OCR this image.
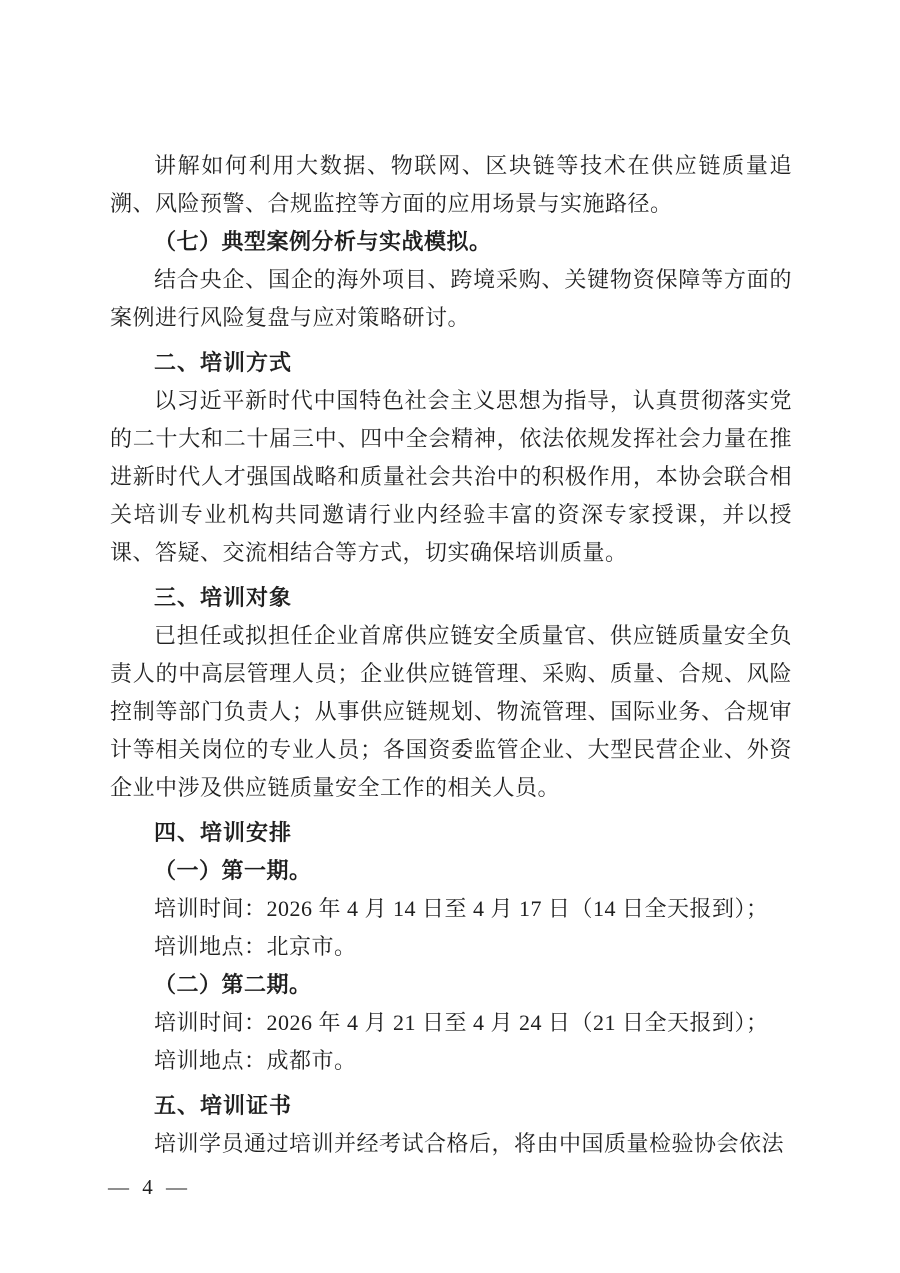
讲解如何利用大数据、物联网、区块链等技术在供应链质量追溯、风险预警、合规监控等方面的应用场景与实施路径。

（七）典型案例分析与实战模拟。

结合央企、国企的海外项目、跨境采购、关键物资保障等方面的案例进行风险复盘与应对策略研讨。

二、培训方式

以习近平新时代中国特色社会主义思想为指导，认真贯彻落实党的二十大和二十届三中、四中全会精神，依法依规发挥社会力量在推进新时代人才强国战略和质量社会共治中的积极作用，本协会联合相关培训专业机构共同邀请行业内经验丰富的资深专家授课，并以授课、答疑、交流相结合等方式，切实确保培训质量。

三、培训对象

已担任或拟担任企业首席供应链安全质量官、供应链质量安全负责人的中高层管理人员；企业供应链管理、采购、质量、合规、风险控制等部门负责人；从事供应链规划、物流管理、国际业务、合规审计等相关岗位的专业人员；各国资委监管企业、大型民营企业、外资企业中涉及供应链质量安全工作的相关人员。

四、培训安排

（一）第一期。

培训时间：2026 年 4 月 14 日至 4 月 17 日（14 日全天报到）；

培训地点：北京市。

（二）第二期。

培训时间：2026 年 4 月 21 日至 4 月 24 日（21 日全天报到）；

培训地点：成都市。

五、培训证书

培训学员通过培训并经考试合格后，将由中国质量检验协会依法

— 4 —
